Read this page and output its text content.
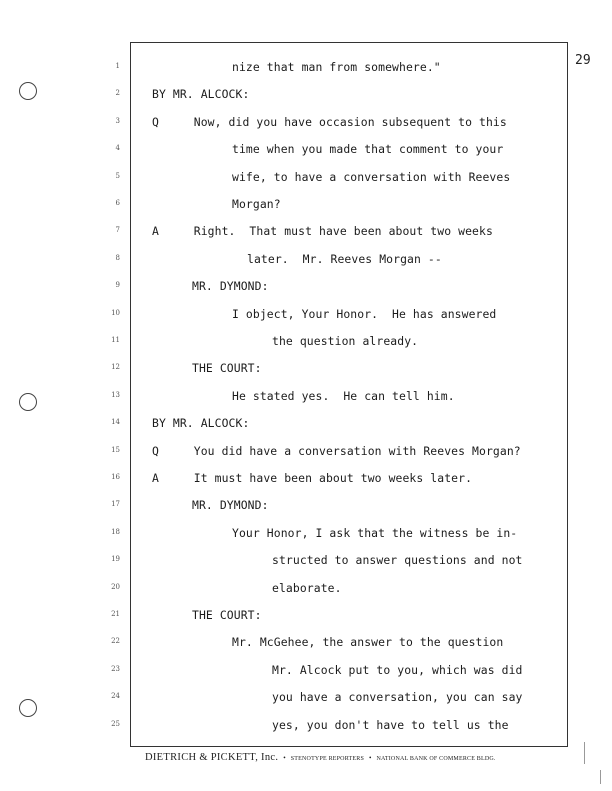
29
1
2
3
4
5
6
7
8
9
10
11
12
13
14
15
16
17
18
19
20
21
22
23
24
25
nize that man from somewhere."
BY MR. ALCOCK:
Q     Now, did you have occasion subsequent to this
time when you made that comment to your
wife, to have a conversation with Reeves
Morgan?
A     Right.  That must have been about two weeks
later.  Mr. Reeves Morgan --
MR. DYMOND:
I object, Your Honor.  He has answered
the question already.
THE COURT:
He stated yes.  He can tell him.
BY MR. ALCOCK:
Q     You did have a conversation with Reeves Morgan?
A     It must have been about two weeks later.
MR. DYMOND:
Your Honor, I ask that the witness be in-
structed to answer questions and not
elaborate.
THE COURT:
Mr. McGehee, the answer to the question
Mr. Alcock put to you, which was did
you have a conversation, you can say
yes, you don't have to tell us the
DIETRICH & PICKETT, Inc. • STENOTYPE REPORTERS • NATIONAL BANK OF COMMERCE BLDG.
